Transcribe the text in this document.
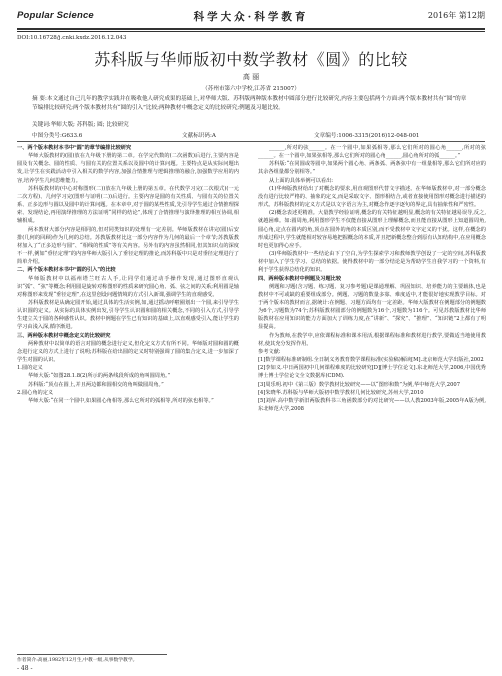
Popular Science	科学大众·科学教育	2016年 第12期
DOI:10.16728/j.cnki.kxdz.2016.12.043
苏科版与华师版初中数学教材《圆》的比较
高 丽
（苏州市第六中学校,江苏省 215007）
摘 要:本文通过自己几年的教学实践并在吸收他人研究成果的基础上,对华师大版、苏科版两种版本教材中圆部分进行比较研究,内容主要包括两个方面:两个版本教材共有“圆”的章节编排比较研究;两个版本教材共有“圆的引入”比较;两种教材中概念定义的比较研究;例题及习题比较。
关键词:华师大版; 苏科版; 圆; 比较研究
中图分类号:G633.6	文献标识码:A	文章编号:1006-3315(2016)12-048-001

一、两个版本教材本书中“圆”的章节编排比较研究

华师大版教材的(圆)放在九年级下册的第二章。在学完代数的(二次函数)后进行,主要内容是圆及有关概念、圆的性质、与圆有关的位置关系以及圆中的计算问题。主要特点是从实际问题出发,让学生在实践活动中引入相关的数学内容,加强合情推理与逻辑推理的融合,加强数学应用的内容,培养学生几何思维能力。

苏科版教材的(中心对称图形(二))放在九年级上册的第五章。在代数学习完(二次根式)(一元二次方程)、几何学习完(图形与证明(二))后进行。主要内容是圆的有关性质、与圆有关的位置关系、正多边形与圆以及圆中的计算问题。在本章中,对于圆的某些性质,先引导学生通过合情推理探索、发现结论,再用演绎推理的方法证明“同样的结论”,体现了合情推理与演绎推理的相互协调,相辅相成。

两本教材大部分内容是相同的,但对同类知识的处理有一定差别。华师版教材在讲完(圆)后安排(几何的回顾)作为几何的总结。苏教版教材比这一部分内容作为几何的最后一个章节;苏教版教材加入了“正多边形与圆”、“相线的性质”等有关内容。另外有的内容虽然相同,但其知识点的深度不一样,例如“垂径定理”的内容华师大版引入了垂径定理的推论,而苏科版中只是对垂径定理进行了简单介绍。

二、两个版本教材本书中“圆的引入”的比较

华师版教材中以福州塔兰旺古人手,让同学们通过动手操作发现,通过图形直观认识“弧”、“弦”等概念;利用圆是旋转对称图形的性质来研究圆心角、弧、弦之间的关系;利用圆是轴对称图形来发现“垂径定理”,在这里创设问题情境的方式引入新课,强调学生的直观感受。

苏科版教材是从确定圆开始,通过具体的生活实例,如,通过摇动呼啦圈划出一个圆,来引导学生认识圆的定义。从实际的具体实例出发,引导学生认识圆和圆的相关概念,不同的引入方式,引导学生建立关于圆的各种感性认识。教材中例题在学生已有知识的基础上,以直观感受引入,能让学生的学习由浅入深,循序渐进。

三、两种版本教材中概念定义的比较研究

两种教材中以简单的语言对圆的概念进行定义,但化定义方式有所不同。华师版对圆和圆的概念进行定义的方式上进行了说明;苏科版在给出圆的定义时特别强调了圆的集合定义,进一步加深了学生对圆的认识。

1.圆的定义

华师大版:“如图28.1.8(2)所示的两条线段所成的角叫圆周角。”

苏科版:“顶点在圆上,并且两边都和圆相交的角叫做圆周角。”

2.圆心角的定义

华师大版:“在同一个圆中,如果圆心角相等,那么它所对的弧相等,所对的弦也相等。”

______,所对的弦______。在一个圆中,如果弧相等,那么它们所对的圆心角______,所对的弦______。在一个圆中,如果弦相等,那么它们所对的圆心角______,圆心角所对的弧______。”

苏科版:“在同圆或等圆中,如果两个圆心角、两条弧、两条弦中有一组量相等,那么它们所对应的其余各组量都分别相等。”

从上面的具体举例可以看出:

(1)华师版教材给出了对概念的要求,用直观图形代替文字描述。在华师版教材中,对一部分概念没有进行比较严格的、抽象的定义,而是采取文字、图形相结合,或者直接使用图形对概念进行描述的形式。苏科版教材的定义方式是以文字语言为主,对概念作逐字逐句的界定,具有抽象性和严密性。

(2)概念表述更精准。大量教学经验证明,概念的有关特征越明显,概念的有关特征越易误导,反之,就越困难。如:圆周角,利用图形学生不仅能直接从图形上理解概念,而且能直接从图形上知道圆周角,圆心角,定点在圆内的角,顶点在圆外的角的本质区别,而不受教材中文字定义的干扰。这样,在概念的形成过程中,学生就能相对较容易地把握概念的本质,并且把新概念整合到原有认知结构中,在应用概念时也更加得心应手。

(3)华师版教材中一些结论由下了空白,为学生探索学习和教师教学创设了一定的空间,苏科版教材中加入了学生学习、总结的依据。使得教材中的一部分结论是为帮助学生自我学习的一个资料,有利于学生获得总结化的知识。

四、两种版本教材中例题及习题比较

例题和习题(含习题、练习题、复习参考题)是课通理解、巩固知识、培养能力的主要载体,也是教材中不可或缺的重要组成部分。例题、习题的数量多寡、难度适中,才能很好地实现教学目标。对于两个版本的教材而言,据统计:在例题、习题方面均有一定差距。华师大版教材在例题部分的例题数为6个,习题数为74个;苏科版教材圆部分的例题数为16个,习题数为116个。可见苏教版教材比华师版教材在应用知识的能力方面加大了训练力度,在“讲新”、“探究”、“推理”、“知识链”2上都有了明显提高。

作为教师,在教学中,应依课程标准和课本用活,根据课程标准和教材进行教学,要做适当地使用教材,使其充分发挥作用。

参考文献:

[1]数学课程标准研制组.全日制义务教育数学课程标准(实验稿)解读[M].北京师范大学出版社,2002

[2]李如义.中日两国初中几何课程难度的比较研究[D][博士学位论文].东北师范大学,2006,中国优秀博士博士学位论文全文数据库(CDM).

[3]周乐明.初中《第三版》数学教材比较研究——以“图形和数”为例,华中师范大学,2007

[4]朱晓华.苏科版与华师大版初中数学教材几何比较研究,苏州大学,2010

[5]刘萍.高中数学新旧两版教科书三角函数部分的对比研究——以人教2003年版,2005年A版为例,东北师范大学,2008

作者简介:高丽,1982年12月生,中教一级,从事数学教学。
- 48 -
